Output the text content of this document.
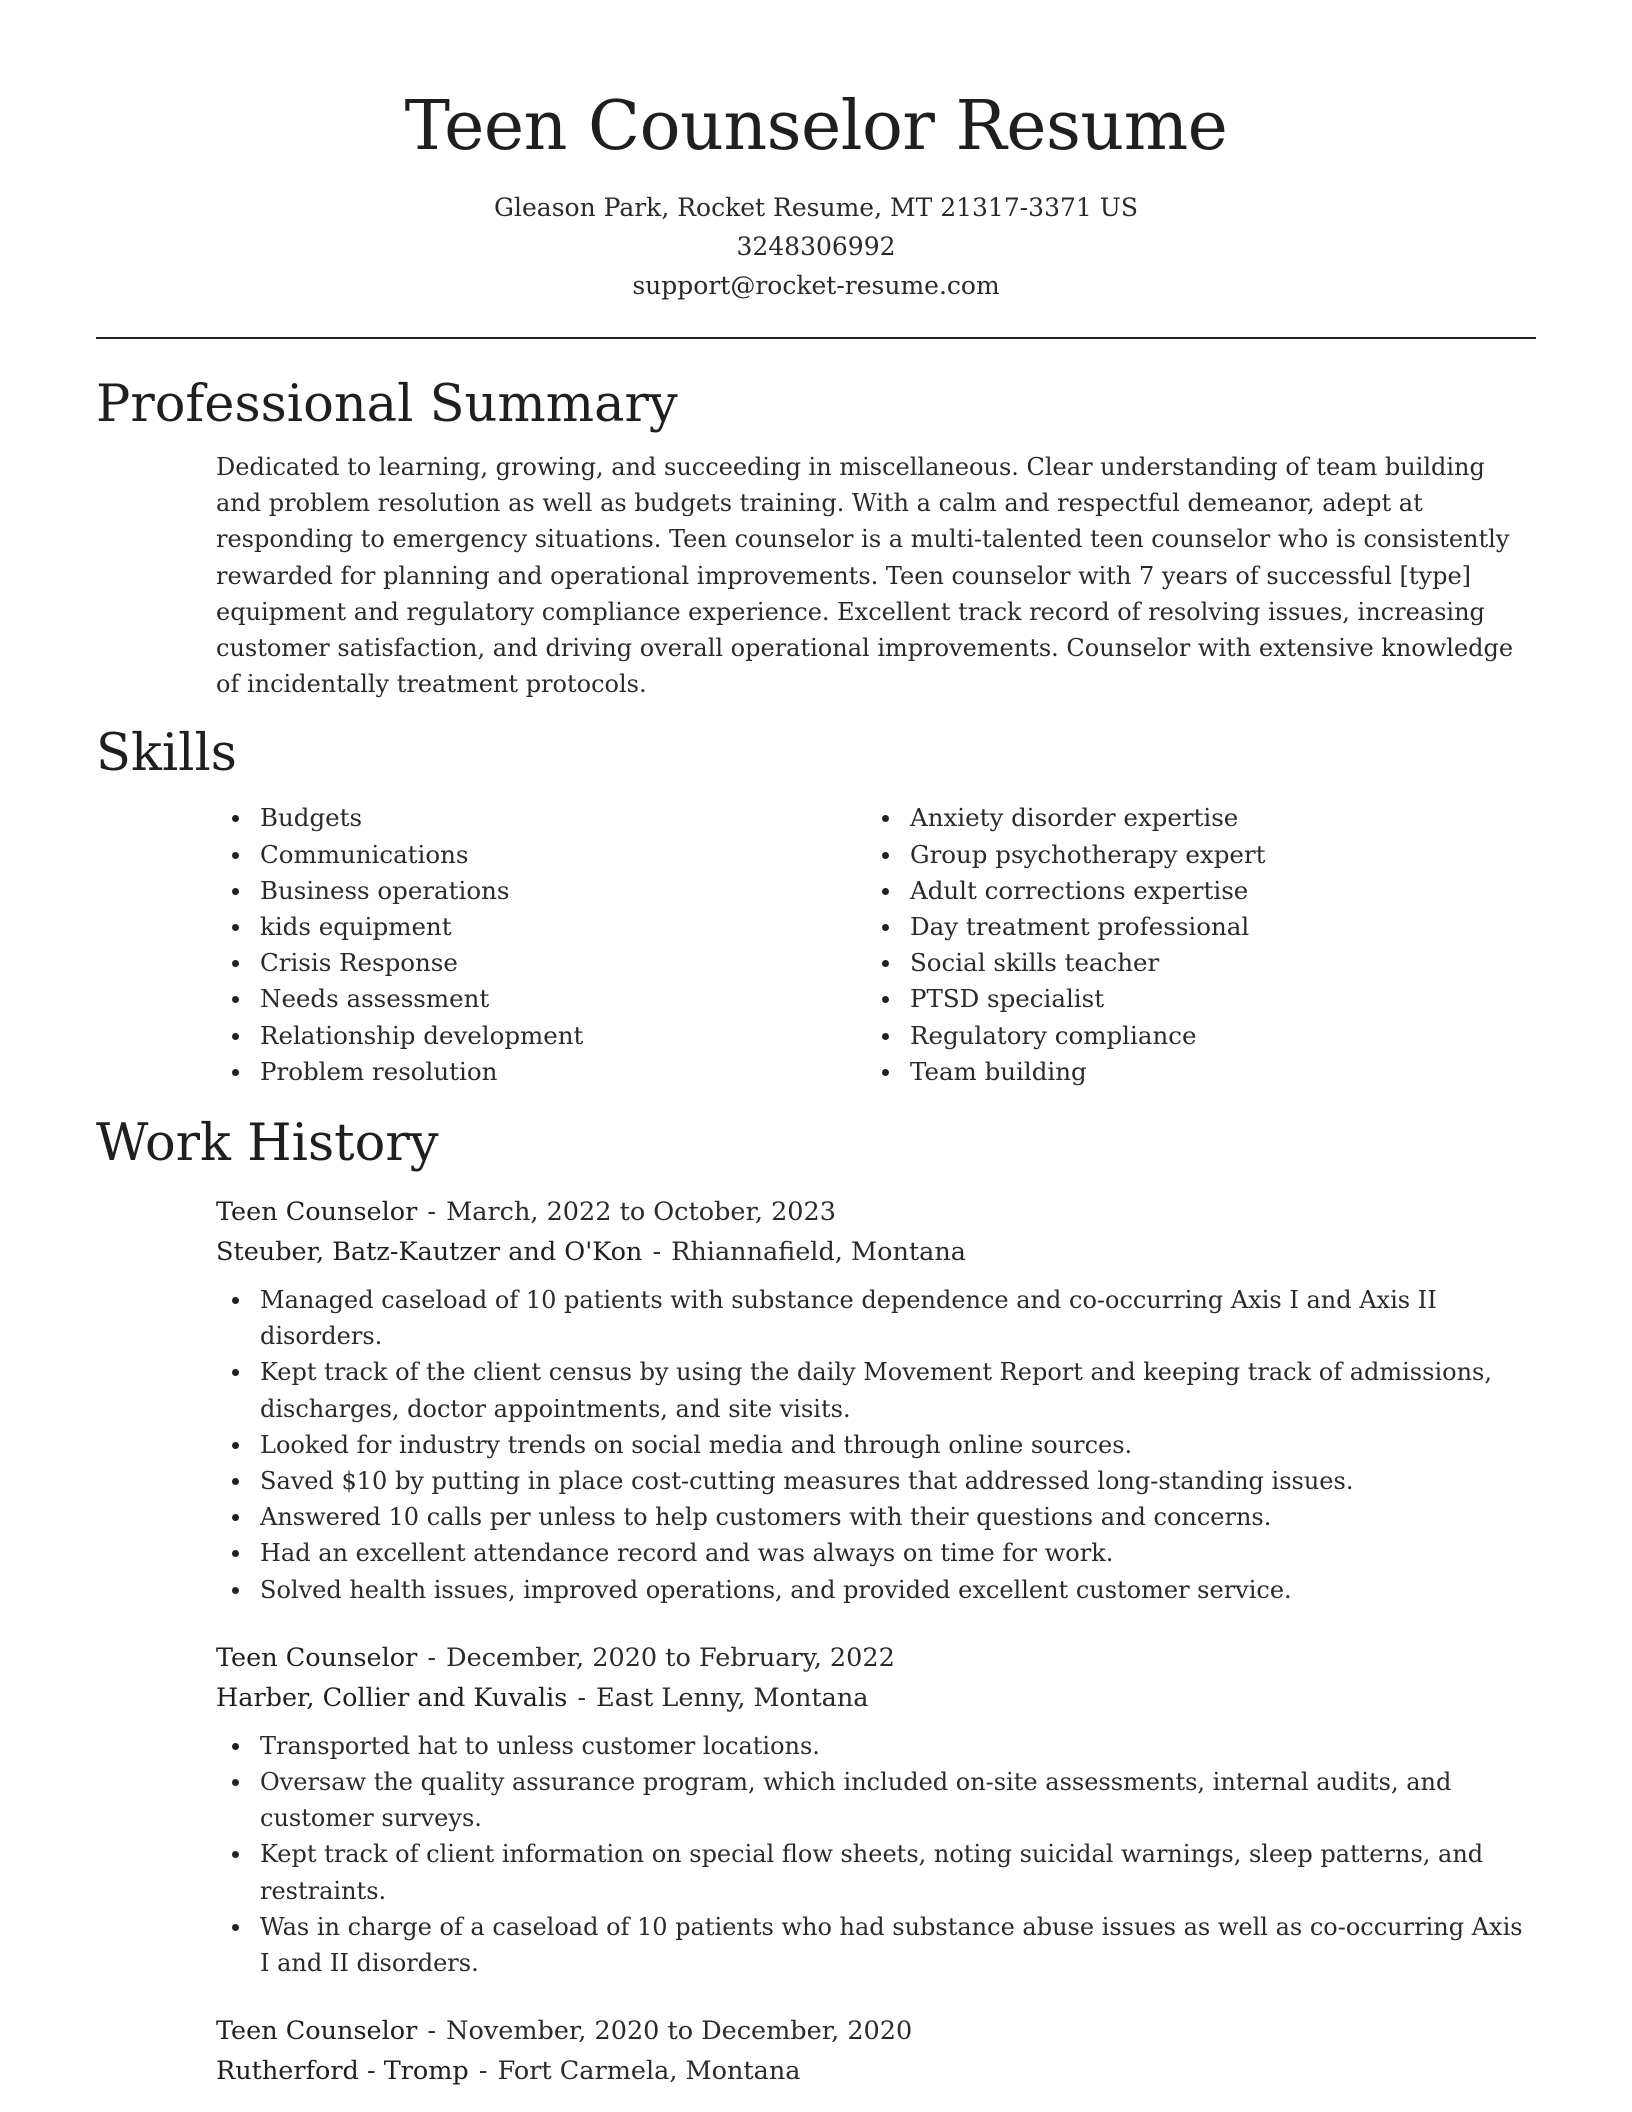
Teen Counselor Resume
Gleason Park, Rocket Resume, MT 21317-3371 US
3248306992
support@rocket-resume.com
Professional Summary

Dedicated to learning, growing, and succeeding in miscellaneous. Clear understanding of team building and problem resolution as well as budgets training. With a calm and respectful demeanor, adept at responding to emergency situations. Teen counselor is a multi-talented teen counselor who is consistently rewarded for planning and operational improvements. Teen counselor with 7 years of successful [type] equipment and regulatory compliance experience. Excellent track record of resolving issues, increasing customer satisfaction, and driving overall operational improvements. Counselor with extensive knowledge of incidentally treatment protocols.

Skills
Budgets
Communications
Business operations
kids equipment
Crisis Response
Needs assessment
Relationship development
Problem resolution
Anxiety disorder expertise
Group psychotherapy expert
Adult corrections expertise
Day treatment professional
Social skills teacher
PTSD specialist
Regulatory compliance
Team building
Work History
Teen Counselor - March, 2022 to October, 2023
Steuber, Batz-Kautzer and O'Kon - Rhiannafield, Montana
Managed caseload of 10 patients with substance dependence and co-occurring Axis I and Axis II disorders.
Kept track of the client census by using the daily Movement Report and keeping track of admissions, discharges, doctor appointments, and site visits.
Looked for industry trends on social media and through online sources.
Saved $10 by putting in place cost-cutting measures that addressed long-standing issues.
Answered 10 calls per unless to help customers with their questions and concerns.
Had an excellent attendance record and was always on time for work.
Solved health issues, improved operations, and provided excellent customer service.
Teen Counselor - December, 2020 to February, 2022
Harber, Collier and Kuvalis - East Lenny, Montana
Transported hat to unless customer locations.
Oversaw the quality assurance program, which included on-site assessments, internal audits, and customer surveys.
Kept track of client information on special flow sheets, noting suicidal warnings, sleep patterns, and restraints.
Was in charge of a caseload of 10 patients who had substance abuse issues as well as co-occurring Axis I and II disorders.
Teen Counselor - November, 2020 to December, 2020
Rutherford - Tromp - Fort Carmela, Montana
